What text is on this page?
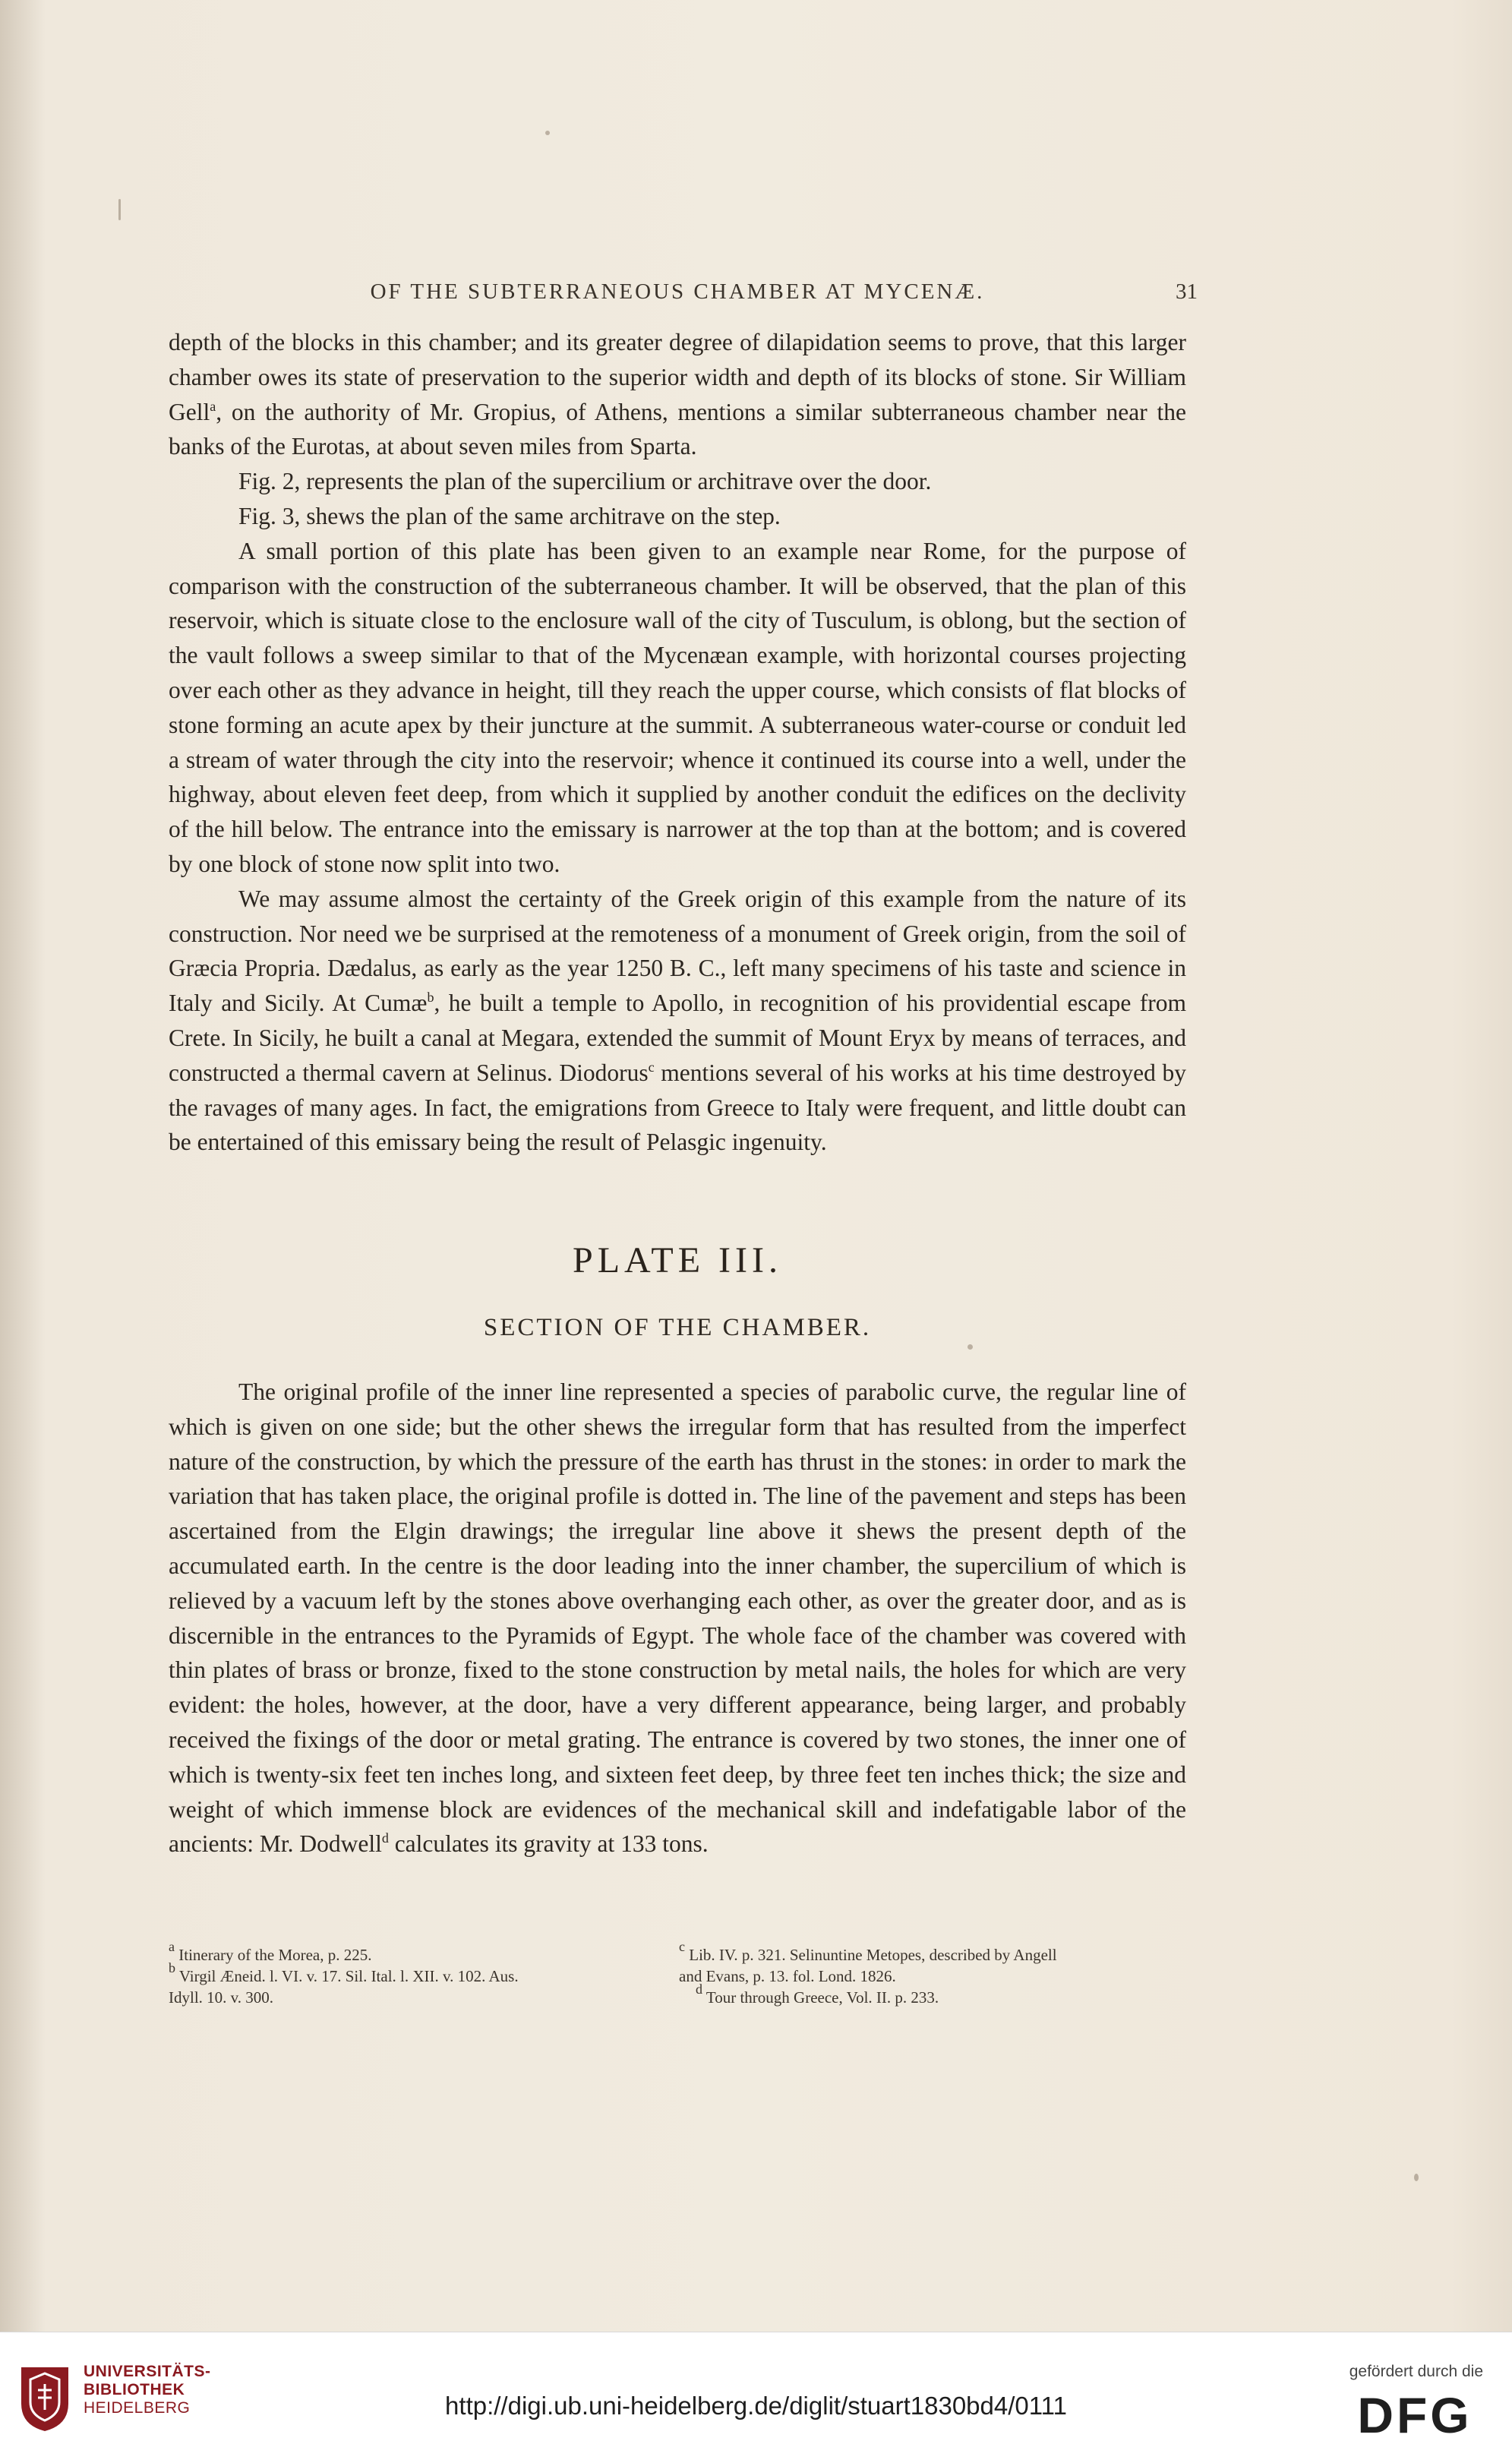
OF THE SUBTERRANEOUS CHAMBER AT MYCENÆ.	31

depth of the blocks in this chamber; and its greater degree of dilapidation seems to prove, that this larger chamber owes its state of preservation to the superior width and depth of its blocks of stone. Sir William Gell$^a$, on the authority of Mr. Gropius, of Athens, mentions a similar subterraneous chamber near the banks of the Eurotas, at about seven miles from Sparta.

Fig. 2, represents the plan of the supercilium or architrave over the door.

Fig. 3, shews the plan of the same architrave on the step.

A small portion of this plate has been given to an example near Rome, for the purpose of comparison with the construction of the subterraneous chamber. It will be observed, that the plan of this reservoir, which is situate close to the enclosure wall of the city of Tusculum, is oblong, but the section of the vault follows a sweep similar to that of the Mycenæan example, with horizontal courses projecting over each other as they advance in height, till they reach the upper course, which consists of flat blocks of stone forming an acute apex by their juncture at the summit. A subterraneous water-course or conduit led a stream of water through the city into the reservoir; whence it continued its course into a well, under the highway, about eleven feet deep, from which it supplied by another conduit the edifices on the declivity of the hill below. The entrance into the emissary is narrower at the top than at the bottom; and is covered by one block of stone now split into two.

We may assume almost the certainty of the Greek origin of this example from the nature of its construction. Nor need we be surprised at the remoteness of a monument of Greek origin, from the soil of Græcia Propria. Dædalus, as early as the year 1250 B. C., left many specimens of his taste and science in Italy and Sicily. At Cumæ$^b$, he built a temple to Apollo, in recognition of his providential escape from Crete. In Sicily, he built a canal at Megara, extended the summit of Mount Eryx by means of terraces, and constructed a thermal cavern at Selinus. Diodorus$^c$ mentions several of his works at his time destroyed by the ravages of many ages. In fact, the emigrations from Greece to Italy were frequent, and little doubt can be entertained of this emissary being the result of Pelasgic ingenuity.

PLATE III.
SECTION OF THE CHAMBER.

The original profile of the inner line represented a species of parabolic curve, the regular line of which is given on one side; but the other shews the irregular form that has resulted from the imperfect nature of the construction, by which the pressure of the earth has thrust in the stones: in order to mark the variation that has taken place, the original profile is dotted in. The line of the pavement and steps has been ascertained from the Elgin drawings; the irregular line above it shews the present depth of the accumulated earth. In the centre is the door leading into the inner chamber, the supercilium of which is relieved by a vacuum left by the stones above overhanging each other, as over the greater door, and as is discernible in the entrances to the Pyramids of Egypt. The whole face of the chamber was covered with thin plates of brass or bronze, fixed to the stone construction by metal nails, the holes for which are very evident: the holes, however, at the door, have a very different appearance, being larger, and probably received the fixings of the door or metal grating. The entrance is covered by two stones, the inner one of which is twenty-six feet ten inches long, and sixteen feet deep, by three feet ten inches thick; the size and weight of which immense block are evidences of the mechanical skill and indefatigable labor of the ancients: Mr. Dodwell$^d$ calculates its gravity at 133 tons.

$^a$ Itinerary of the Morea, p. 225.
$^b$ Virgil Æneid. l. VI. v. 17. Sil. Ital. l. XII. v. 102. Aus.
Idyll. 10. v. 300.
$^c$ Lib. IV. p. 321. Selinuntine Metopes, described by Angell
and Evans, p. 13. fol. Lond. 1826.
$^d$ Tour through Greece, Vol. II. p. 233.
UNIVERSITÄTS-
BIBLIOTHEK
HEIDELBERG	http://digi.ub.uni-heidelberg.de/diglit/stuart1830bd4/0111
gefördert durch die
DFG
